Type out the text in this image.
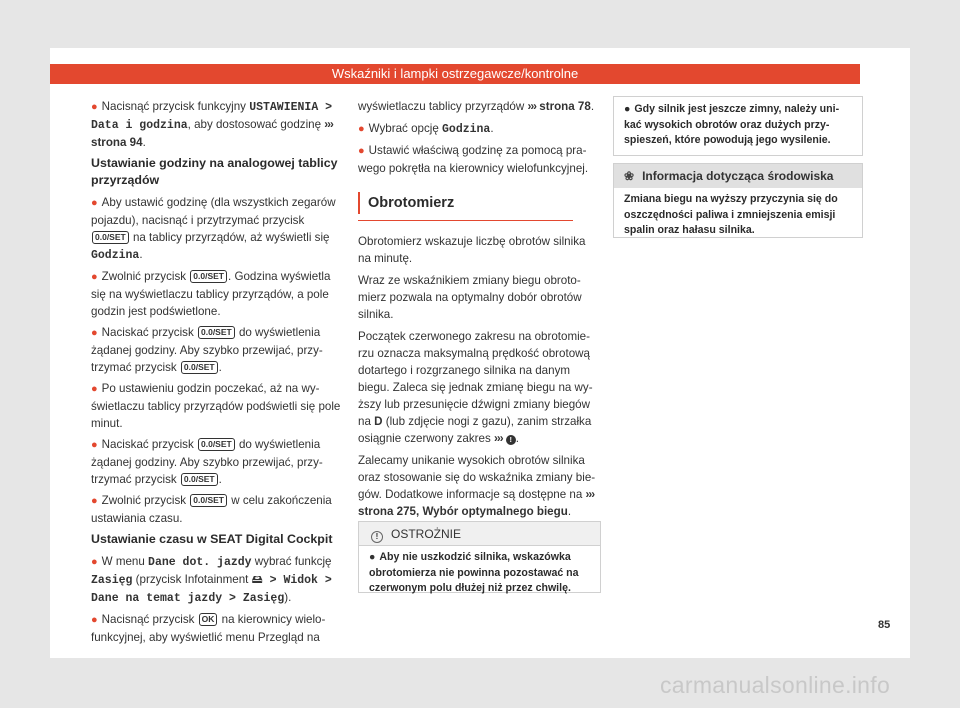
Wskaźniki i lampki ostrzegawcze/kontrolne
● Nacisnąć przycisk funkcyjny USTAWIENIA > Data i godzina, aby dostosować godzinę ››› strona 94.
Ustawianie godziny na analogowej tablicy przyrządów
● Aby ustawić godzinę (dla wszystkich zegarów pojazdu), nacisnąć i przytrzymać przycisk 0.0/SET na tablicy przyrządów, aż wyświetli się Godzina.
● Zwolnić przycisk 0.0/SET . Godzina wyświetla się na wyświetlaczu tablicy przyrządów, a pole godzin jest podświetlone.
● Naciskać przycisk 0.0/SET do wyświetlenia żądanej godziny. Aby szybko przewijać, przytrzymać przycisk 0.0/SET .
● Po ustawieniu godzin poczekać, aż na wyświetlaczu tablicy przyrządów podświetli się pole minut.
● Naciskać przycisk 0.0/SET do wyświetlenia żądanej godziny. Aby szybko przewijać, przytrzymać przycisk 0.0/SET .
● Zwolnić przycisk 0.0/SET w celu zakończenia ustawiania czasu.
Ustawianie czasu w SEAT Digital Cockpit
● W menu Dane dot. jazdy wybrać funkcję Zasięg (przycisk Infotainment 🖴 > Widok > Dane na temat jazdy > Zasięg).
● Nacisnąć przycisk OK na kierownicy wielofunkcyjnej, aby wyświetlić menu Przegląd na

wyświetlaczu tablicy przyrządów ››› strona 78.

● Wybrać opcję Godzina.
● Ustawić właściwą godzinę za pomocą prawego pokrętła na kierownicy wielofunkcyjnej.
Obrotomierz

Obrotomierz wskazuje liczbę obrotów silnika na minutę.

Wraz ze wskaźnikiem zmiany biegu obrotomierz pozwala na optymalny dobór obrotów silnika.

Początek czerwonego zakresu na obrotomierzu oznacza maksymalną prędkość obrotową dotartego i rozgrzanego silnika na danym biegu. Zaleca się jednak zmianę biegu na wyższy lub przesunięcie dźwigni zmiany biegów na D (lub zdjęcie nogi z gazu), zanim strzałka osiągnie czerwony zakres ››› ! .

Zalecamy unikanie wysokich obrotów silnika oraz stosowanie się do wskaźnika zmiany biegów. Dodatkowe informacje są dostępne na ››› strona 275, Wybór optymalnego biegu.

! OSTROŻNIE
● Aby nie uszkodzić silnika, wskazówka obrotomierza nie powinna pozostawać na czerwonym polu dłużej niż przez chwilę.
● Gdy silnik jest jeszcze zimny, należy unikać wysokich obrotów oraz dużych przyspieszeń, które powodują jego wysilenie.
❀ Informacja dotycząca środowiska
Zmiana biegu na wyższy przyczynia się do oszczędności paliwa i zmniejszenia emisji spalin oraz hałasu silnika.
85
carmanualsonline.info
